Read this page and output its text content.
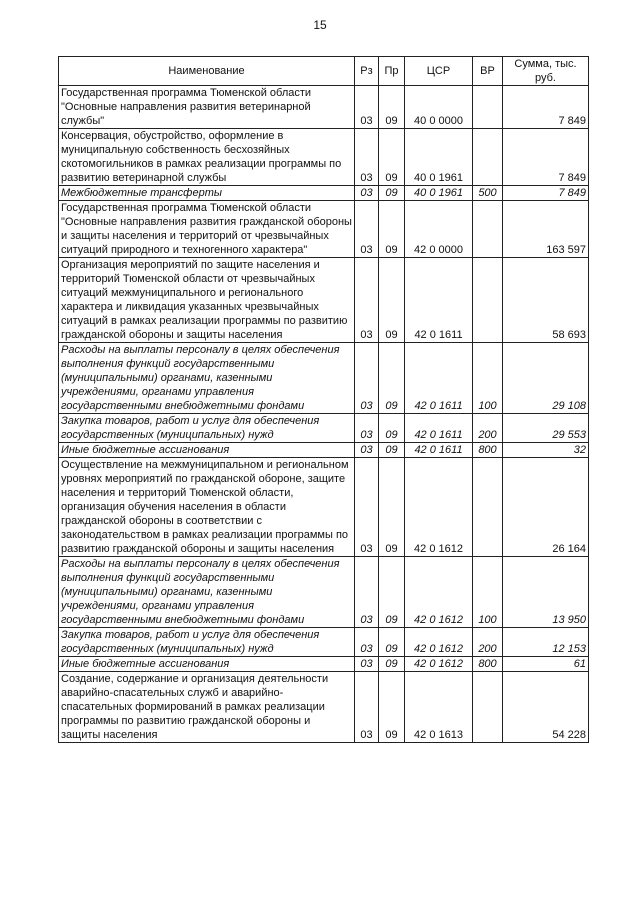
15
Наименование	Рз	Пр	ЦСР	ВР	Сумма, тыс. руб.
Государственная программа Тюменской области "Основные направления развития ветеринарной службы"	03	09	40 0 0000		7 849
Консервация, обустройство, оформление в муниципальную собственность бесхозяйных скотомогильников в рамках реализации программы по развитию ветеринарной службы	03	09	40 0 1961		7 849
Межбюджетные трансферты	03	09	40 0 1961	500	7 849
Государственная программа Тюменской области "Основные направления развития гражданской обороны и защиты населения и территорий от чрезвычайных ситуаций природного и техногенного характера"	03	09	42 0 0000		163 597
Организация мероприятий по защите населения и территорий Тюменской области от чрезвычайных ситуаций межмуниципального и регионального характера и ликвидация указанных чрезвычайных ситуаций в рамках реализации программы по развитию гражданской обороны и защиты населения	03	09	42 0 1611		58 693
Расходы на выплаты персоналу в целях обеспечения выполнения функций государственными (муниципальными) органами, казенными учреждениями, органами управления государственными внебюджетными фондами	03	09	42 0 1611	100	29 108
Закупка товаров, работ и услуг для обеспечения государственных (муниципальных) нужд	03	09	42 0 1611	200	29 553
Иные бюджетные ассигнования	03	09	42 0 1611	800	32
Осуществление на межмуниципальном и региональном уровнях мероприятий по гражданской обороне, защите населения и территорий Тюменской области, организация обучения населения в области гражданской обороны в соответствии с законодательством в рамках реализации программы по развитию гражданской обороны и защиты населения	03	09	42 0 1612		26 164
Расходы на выплаты персоналу в целях обеспечения выполнения функций государственными (муниципальными) органами, казенными учреждениями, органами управления государственными внебюджетными фондами	03	09	42 0 1612	100	13 950
Закупка товаров, работ и услуг для обеспечения государственных (муниципальных) нужд	03	09	42 0 1612	200	12 153
Иные бюджетные ассигнования	03	09	42 0 1612	800	61
Создание, содержание и организация деятельности аварийно-спасательных служб и аварийно-спасательных формирований в рамках реализации программы по развитию гражданской обороны и защиты населения	03	09	42 0 1613		54 228
